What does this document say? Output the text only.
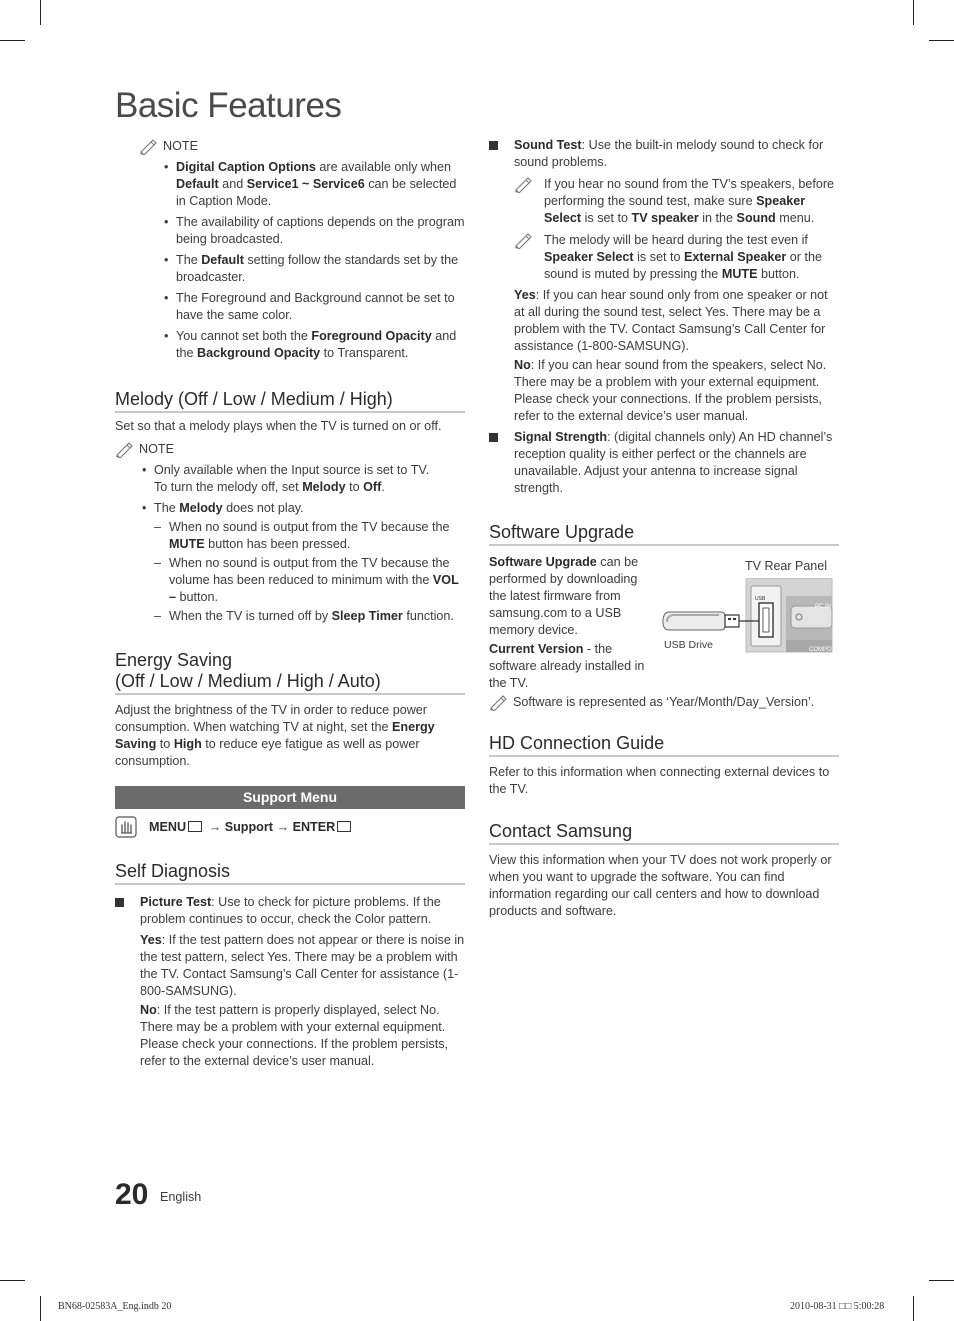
Basic Features
NOTE
• Digital Caption Options are available only when Default and Service1 ~ Service6 can be selected in Caption Mode.
• The availability of captions depends on the program being broadcasted.
• The Default setting follow the standards set by the broadcaster.
• The Foreground and Background cannot be set to have the same color.
• You cannot set both the Foreground Opacity and the Background Opacity to Transparent.
Melody (Off / Low / Medium / High)

Set so that a melody plays when the TV is turned on or off.

NOTE
• Only available when the Input source is set to TV.
To turn the melody off, set Melody to Off.
• The Melody does not play.
– When no sound is output from the TV because the MUTE button has been pressed.
– When no sound is output from the TV because the volume has been reduced to minimum with the VOL – button.
– When the TV is turned off by Sleep Timer function.
Energy Saving
(Off / Low / Medium / High / Auto)

Adjust the brightness of the TV in order to reduce power consumption. When watching TV at night, set the Energy Saving to High to reduce eye fatigue as well as power consumption.

Support Menu
MENU → Support → ENTER
Self Diagnosis

Picture Test: Use to check for picture problems. If the problem continues to occur, check the Color pattern.

Yes: If the test pattern does not appear or there is noise in the test pattern, select Yes. There may be a problem with the TV. Contact Samsung’s Call Center for assistance (1-800-SAMSUNG).

No: If the test pattern is properly displayed, select No. There may be a problem with your external equipment. Please check your connections. If the problem persists, refer to the external device’s user manual.

Sound Test: Use the built-in melody sound to check for sound problems.

If you hear no sound from the TV’s speakers, before performing the sound test, make sure Speaker Select is set to TV speaker in the Sound menu.
The melody will be heard during the test even if Speaker Select is set to External Speaker or the sound is muted by pressing the MUTE button.

Yes: If you can hear sound only from one speaker or not at all during the sound test, select Yes. There may be a problem with the TV. Contact Samsung’s Call Center for assistance (1-800-SAMSUNG).

No: If you can hear sound from the speakers, select No. There may be a problem with your external equipment. Please check your connections. If the problem persists, refer to the external device’s user manual.

Signal Strength: (digital channels only) An HD channel’s reception quality is either perfect or the channels are unavailable. Adjust your antenna to increase signal strength.

Software Upgrade

Software Upgrade can be performed by downloading the latest firmware from samsung.com to a USB memory device.

Current Version - the software already installed in the TV.

TV Rear Panel
USB
PC IN
COMPO
USB Drive
Software is represented as ‘Year/Month/Day_Version’.
HD Connection Guide

Refer to this information when connecting external devices to the TV.

Contact Samsung

View this information when your TV does not work properly or when you want to upgrade the software. You can find information regarding our call centers and how to download products and software.

20 English
BN68-02583A_Eng.indb 20	2010-08-31 □□ 5:00:28
